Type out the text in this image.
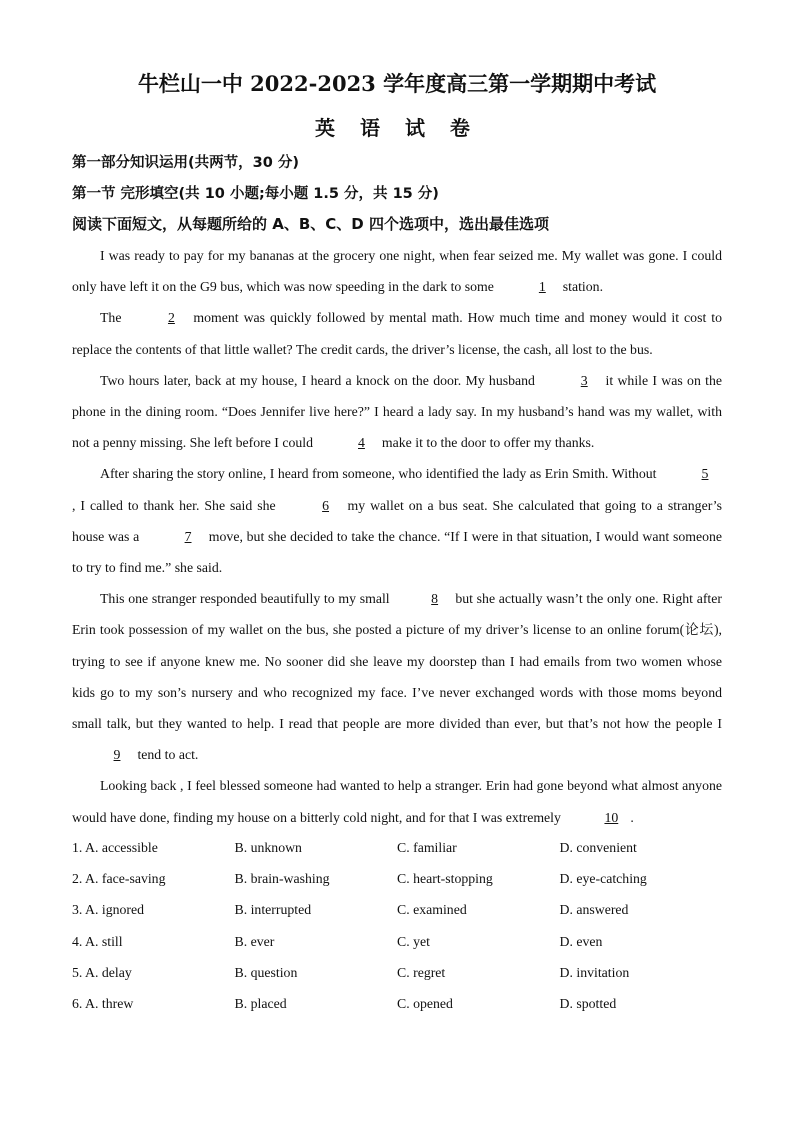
牛栏山一中 2022-2023 学年度高三第一学期期中考试
英 语 试 卷
第一部分知识运用(共两节，30 分)
第一节 完形填空(共 10 小题;每小题 1.5 分，共 15 分)
阅读下面短文，从每题所给的 A、B、C、D 四个选项中，选出最佳选项

I was ready to pay for my bananas at the grocery one night, when fear seized me. My wallet was gone. I could only have left it on the G9 bus, which was now speeding in the dark to some	1 station.

The	2 moment was quickly followed by mental math. How much time and money would it cost to replace the contents of that little wallet? The credit cards, the driver’s license, the cash, all lost to the bus.

Two hours later, back at my house, I heard a knock on the door. My husband	3 it while I was on the phone in the dining room. “Does Jennifer live here?” I heard a lady say. In my husband’s hand was my wallet, with not a penny missing. She left before I could	4 make it to the door to offer my thanks.

After sharing the story online, I heard from someone, who identified the lady as Erin Smith. Without	5, I called to thank her. She said she	6 my wallet on a bus seat. She calculated that going to a stranger’s house was a	7 move, but she decided to take the chance. “If I were in that situation, I would want someone to try to find me.” she said.

This one stranger responded beautifully to my small	8 but she actually wasn’t the only one. Right after Erin took possession of my wallet on the bus, she posted a picture of my driver’s license to an online forum(论坛), trying to see if anyone knew me. No sooner did she leave my doorstep than I had emails from two women whose kids go to my son’s nursery and who recognized my face. I’ve never exchanged words with those moms beyond small talk, but they wanted to help. I read that people are more divided than ever, but that’s not how the people I 9 tend to act.

Looking back , I feel blessed someone had wanted to help a stranger. Erin had gone beyond what almost anyone would have done, finding my house on a bitterly cold night, and for that I was extremely	10 .

1. A. accessible	B. unknown	C. familiar	D. convenient
2. A. face-saving	B. brain-washing	C. heart-stopping	D. eye-catching
3. A. ignored	B. interrupted	C. examined	D. answered
4. A. still	B. ever	C. yet	D. even
5. A. delay	B. question	C. regret	D. invitation
6. A. threw	B. placed	C. opened	D. spotted
